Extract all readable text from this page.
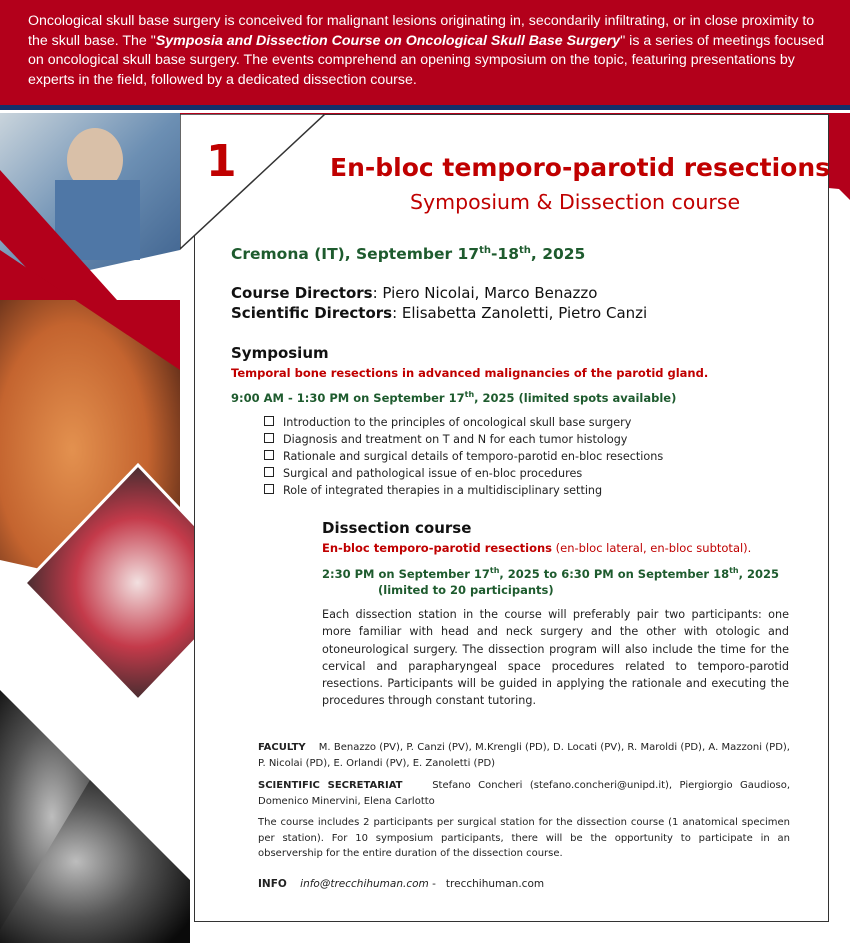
Oncological skull base surgery is conceived for malignant lesions originating in, secondarily infiltrating, or in close proximity to the skull base. The "Symposia and Dissection Course on Oncological Skull Base Surgery" is a series of meetings focused on oncological skull base surgery. The events comprehend an opening symposium on the topic, featuring presentations by experts in the field, followed by a dedicated dissection course.
1	En-bloc temporo-parotid resections
Symposium & Dissection course
Cremona (IT), September 17th-18th, 2025
Course Directors: Piero Nicolai, Marco Benazzo
Scientific Directors: Elisabetta Zanoletti, Pietro Canzi
Symposium
Temporal bone resections in advanced malignancies of the parotid gland.
9:00 AM - 1:30 PM on September 17th, 2025 (limited spots available)
Introduction to the principles of oncological skull base surgery
Diagnosis and treatment on T and N for each tumor histology
Rationale and surgical details of temporo-parotid en-bloc resections
Surgical and pathological issue of en-bloc procedures
Role of integrated therapies in a multidisciplinary setting
Dissection course
En-bloc temporo-parotid resections (en-bloc lateral, en-bloc subtotal).
2:30 PM on September 17th, 2025 to 6:30 PM on September 18th, 2025
(limited to 20 participants)
Each dissection station in the course will preferably pair two participants: one more familiar with head and neck surgery and the other with otologic and otoneurological surgery. The dissection program will also include the time for the cervical and parapharyngeal space procedures related to temporo-parotid resections. Participants will be guided in applying the rationale and executing the procedures through constant tutoring.
FACULTY M. Benazzo (PV), P. Canzi (PV), M.Krengli (PD), D. Locati (PV), R. Maroldi (PD), A. Mazzoni (PD), P. Nicolai (PD), E. Orlandi (PV), E. Zanoletti (PD)
SCIENTIFIC SECRETARIAT	Stefano Concheri (stefano.concheri@unipd.it), Piergiorgio Gaudioso, Domenico Minervini, Elena Carlotto
The course includes 2 participants per surgical station for the dissection course (1 anatomical specimen per station). For 10 symposium participants, there will be the opportunity to participate in an observership for the entire duration of the dissection course.
INFO info@trecchihuman.com -   trecchihuman.com
